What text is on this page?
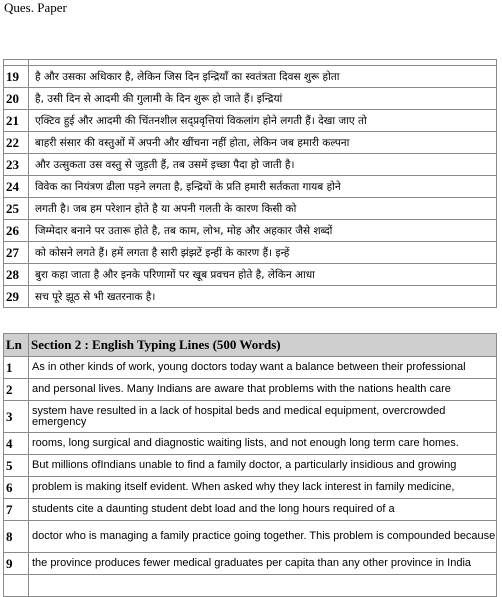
Ques. Paper

19	है और उसका अधिकार है, लेकिन जिस दिन इन्द्रियाँ का स्वतंत्रता दिवस शुरू होता
20	है, उसी दिन से आदमी की गुलामी के दिन शुरू हो जाते हैं। इन्द्रियां
21	एक्टिव हुई और आदमी की चिंतनशील सद्प्रवृत्तियां विकलांग होने लगती हैं। देखा जाए तो
22	बाहरी संसार की वस्तुओं में अपनी और खींचना नहीं होता, लेकिन जब हमारी कल्पना
23	और उत्सुकता उस वस्तु से जुड़ती हैं, तब उसमें इच्छा पैदा हो जाती है।
24	विवेक का नियंत्रण ढीला पड़ने लगता है, इन्द्रियों के प्रति हमारी सर्तकता गायब होने
25	लगती है। जब हम परेशान होते है या अपनी गलती के कारण किसी को
26	जिम्मेदार बनाने पर उतारू होते है, तब काम, लोभ, मोह और अहकार जैसे शब्दों
27	को कोसने लगते हैं। हमें लगता है सारी झंझटें इन्हीं के कारण हैं। इन्हें
28	बुरा कहा जाता है और इनके परिणामों पर खूब प्रवचन होते है, लेकिन आधा
29	सच पूरे झूठ से भी खतरनाक है।
Ln	Section 2 : English Typing Lines (500 Words)
1	As in other kinds of work, young doctors today want a balance between their professional
2	and personal lives. Many Indians are aware that problems with the nations health care
3	system have resulted in a lack of hospital beds and medical equipment, overcrowded emergency
4	rooms, long surgical and diagnostic waiting lists, and not enough long term care homes.
5	But millions ofIndians unable to find a family doctor, a particularly insidious and growing
6	problem is making itself evident. When asked why they lack interest in family medicine,
7	students cite a daunting student debt load and the long hours required of a
8	doctor who is managing a family practice going together. This problem is compounded because
9	the province produces fewer medical graduates per capita than any other province in India
